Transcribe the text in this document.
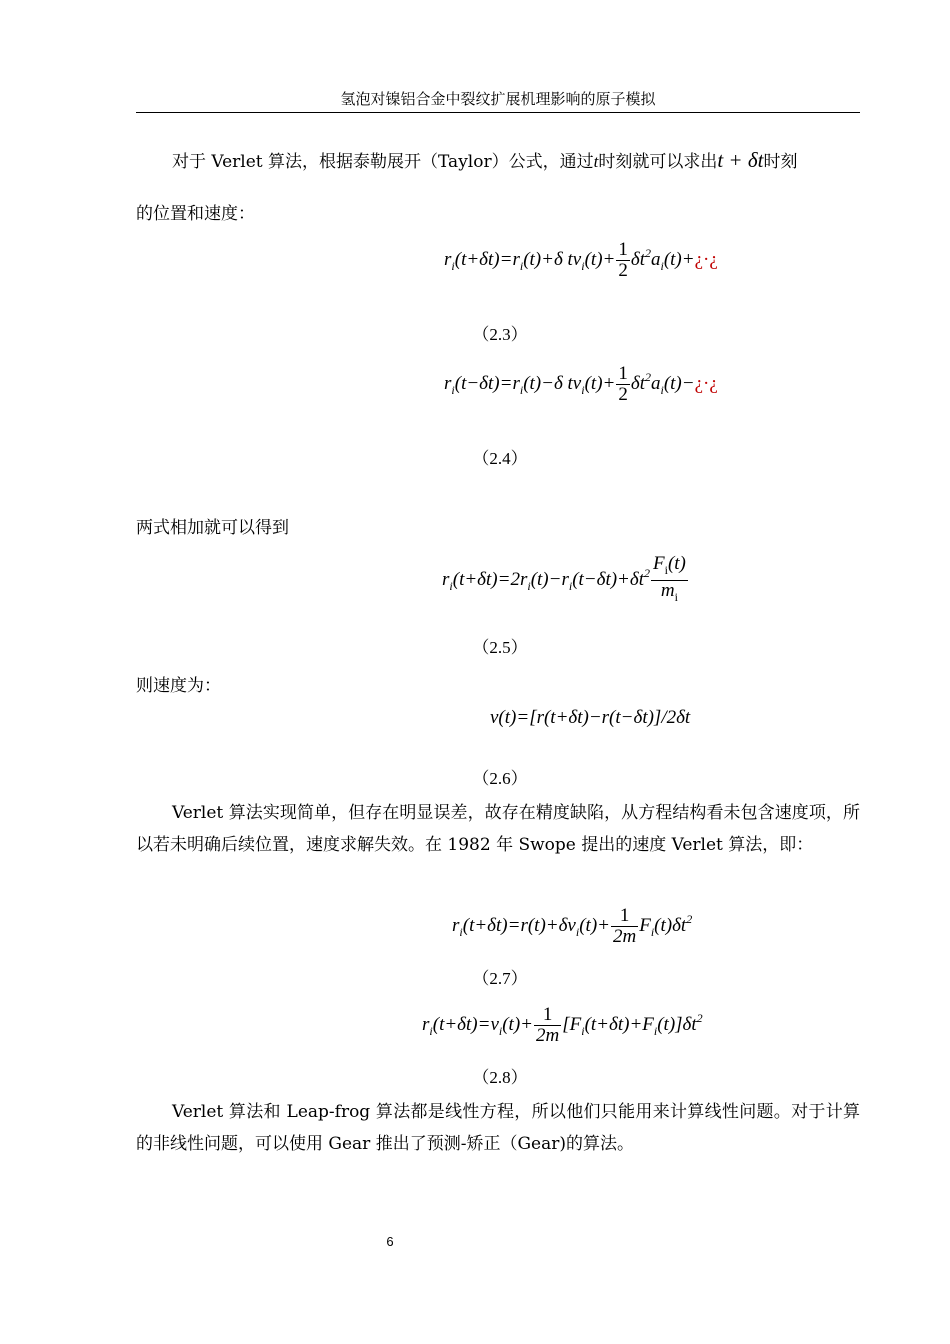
氢泡对镍铝合金中裂纹扩展机理影响的原子模拟

对于 Verlet 算法，根据泰勒展开（Taylor）公式，通过t时刻就可以求出t + δt时刻

的位置和速度：

$r_i(t+\delta t)=r_i(t)+\delta$ $tv_i(t)+ \frac{1}{2}$ $\delta t^2a_i(t)+¿\cdot¿$
（2.3）
$r_i(t-\delta t)=r_i(t)-\delta$ $tv_i(t)+ \frac{1}{2}$ $\delta t^2a_i(t)-¿\cdot¿$
（2.4）

两式相加就可以得到

$r_i(t+\delta t)=2r_i(t)-r_i(t-\delta t)+\delta t^2 \frac{F_i(t)}{m_i}$
（2.5）

则速度为：

v(t)=[r(t+δt)−r(t−δt)]/2δt
（2.6）

Verlet 算法实现简单，但存在明显误差，故存在精度缺陷，从方程结构看未包含速度项，所以若未明确后续位置，速度求解失效。在 1982 年 Swope 提出的速度 Verlet 算法，即：

$r_i(t+\delta t)=r(t)+\delta v_i(t)+ \frac{1}{2m} F_i(t)\delta t^2$
（2.7）
$r_i(t+\delta t)=v_i(t)+ \frac{1}{2m} [F_i(t+\delta t)+F_i(t)]\delta t^2$
（2.8）

Verlet 算法和 Leap-frog 算法都是线性方程，所以他们只能用来计算线性问题。对于计算的非线性问题，可以使用 Gear 推出了预测-矫正（Gear)的算法。

6
